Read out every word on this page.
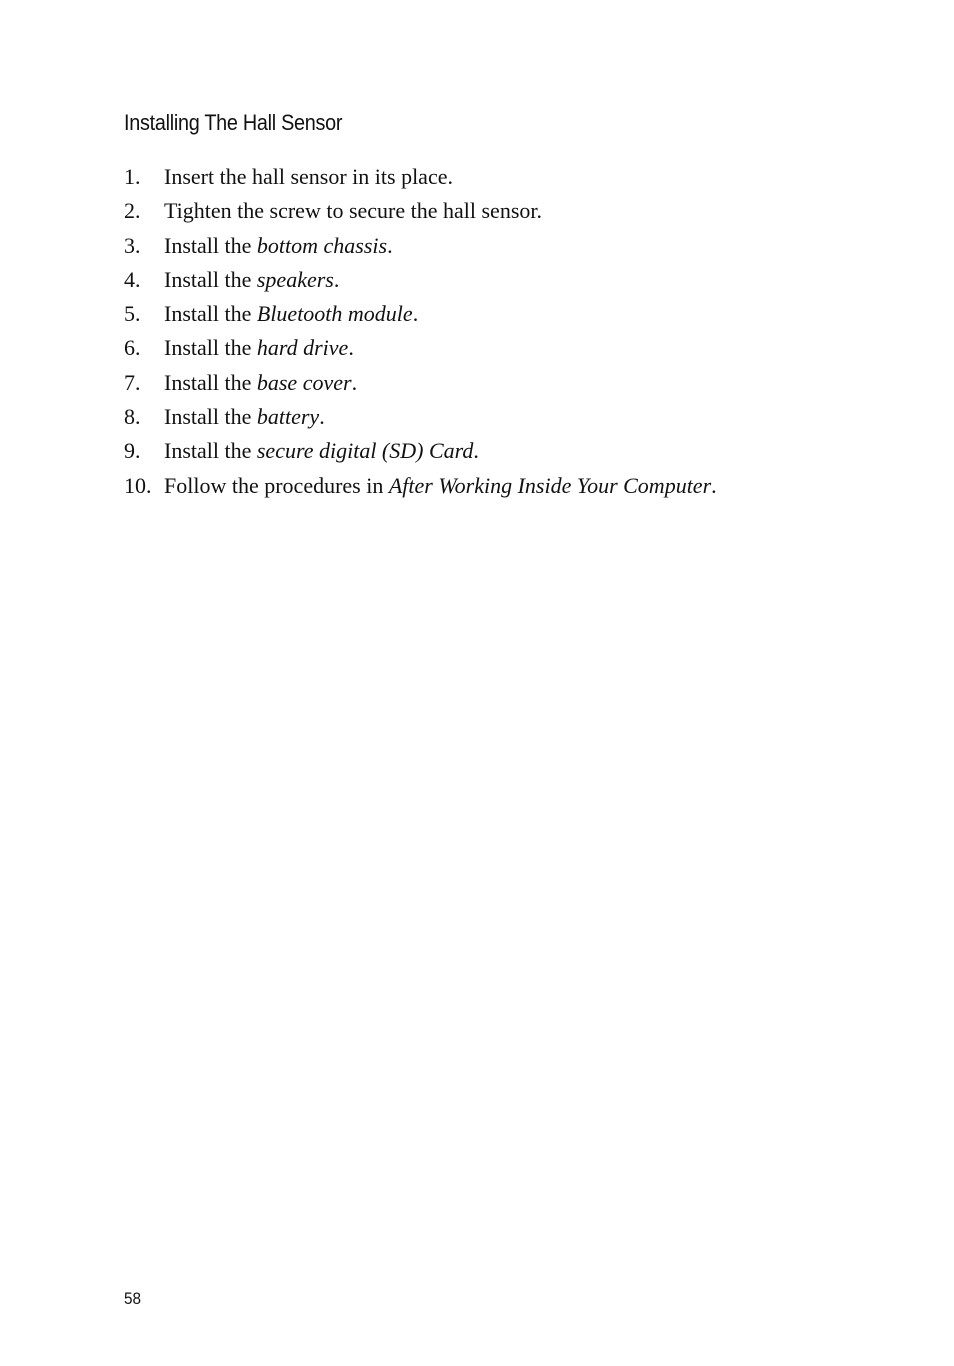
Installing The Hall Sensor
1. Insert the hall sensor in its place.
2. Tighten the screw to secure the hall sensor.
3. Install the bottom chassis.
4. Install the speakers.
5. Install the Bluetooth module.
6. Install the hard drive.
7. Install the base cover.
8. Install the battery.
9. Install the secure digital (SD) Card.
10. Follow the procedures in After Working Inside Your Computer.
58
